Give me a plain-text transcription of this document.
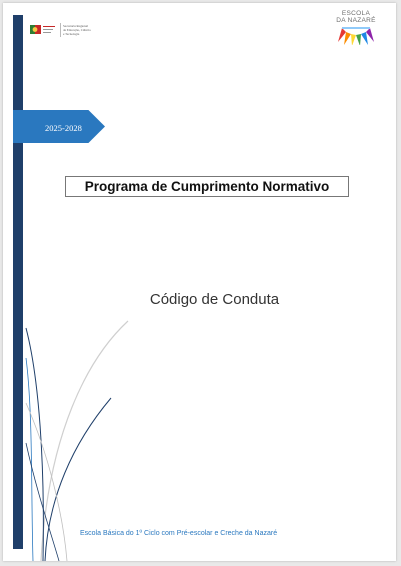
Secretaria Regional
de Educação, Ciência
e Tecnologia
ESCOLA
DA NAZARÉ
2025-2028
Programa de Cumprimento Normativo
Código de Conduta
Escola Básica do 1º Ciclo com Pré-escolar e Creche da Nazaré
